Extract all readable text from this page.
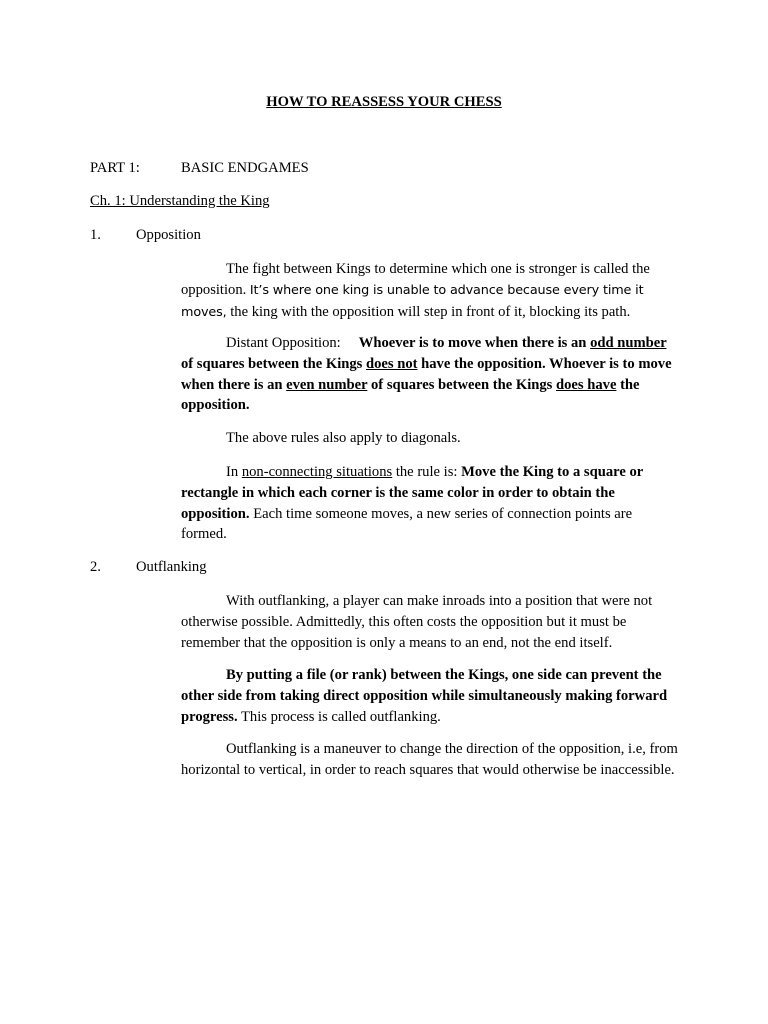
HOW TO REASSESS YOUR CHESS
PART 1:	BASIC ENDGAMES
Ch. 1: Understanding the King
1. Opposition

The fight between Kings to determine which one is stronger is called the opposition. It’s where one king is unable to advance because every time it moves, the king with the opposition will step in front of it, blocking its path.

Distant Opposition: Whoever is to move when there is an odd number of squares between the Kings does not have the opposition. Whoever is to move when there is an even number of squares between the Kings does have the opposition.

The above rules also apply to diagonals.

In non-connecting situations the rule is: Move the King to a square or rectangle in which each corner is the same color in order to obtain the opposition. Each time someone moves, a new series of connection points are formed.

2. Outflanking

With outflanking, a player can make inroads into a position that were not otherwise possible. Admittedly, this often costs the opposition but it must be remember that the opposition is only a means to an end, not the end itself.

By putting a file (or rank) between the Kings, one side can prevent the other side from taking direct opposition while simultaneously making forward progress. This process is called outflanking.

Outflanking is a maneuver to change the direction of the opposition, i.e, from horizontal to vertical, in order to reach squares that would otherwise be inaccessible.
